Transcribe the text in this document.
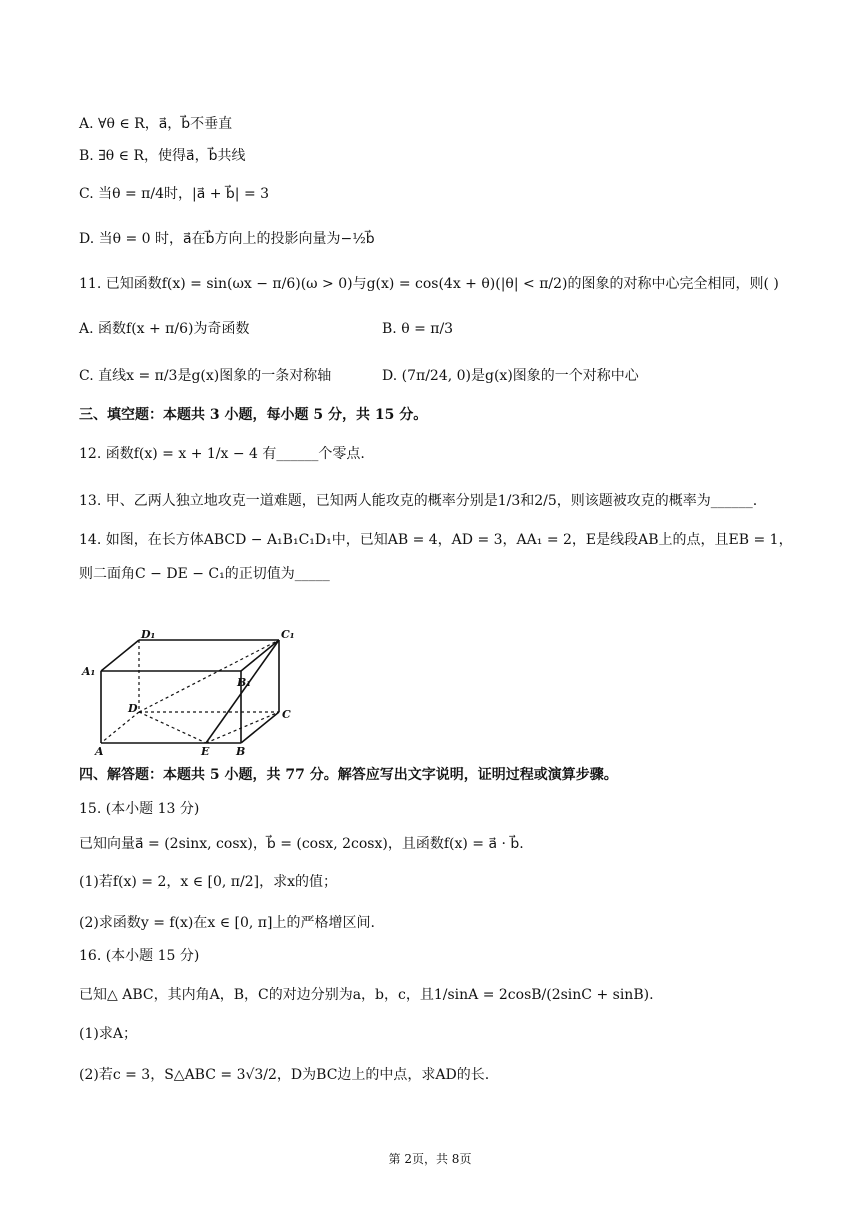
A. ∀θ ∈ R，a⃗，b⃗不垂直
B. ∃θ ∈ R，使得a⃗，b⃗共线
C. 当θ = π/4时，|a⃗ + b⃗| = 3
D. 当θ = 0 时，a⃗在b⃗方向上的投影向量为−½b⃗
11. 已知函数f(x) = sin(ωx − π/6)(ω > 0)与g(x) = cos(4x + θ)(|θ| < π/2)的图象的对称中心完全相同，则( )
A. 函数f(x + π/6)为奇函数	B. θ = π/3
C. 直线x = π/3是g(x)图象的一条对称轴	D. (7π/24, 0)是g(x)图象的一个对称中心
三、填空题：本题共 3 小题，每小题 5 分，共 15 分。
12. 函数f(x) = x + 1/x − 4 有______个零点.
13. 甲、乙两人独立地攻克一道难题，已知两人能攻克的概率分别是1/3和2/5，则该题被攻克的概率为______.
14. 如图，在长方体ABCD − A₁B₁C₁D₁中，已知AB = 4，AD = 3，AA₁ = 2，E是线段AB上的点，且EB = 1，
则二面角C − DE − C₁的正切值为_____
D₁	C₁
A₁
B₁
D	C
A	E B
四、解答题：本题共 5 小题，共 77 分。解答应写出文字说明，证明过程或演算步骤。
15. (本小题 13 分)
已知向量a⃗ = (2sinx, cosx)，b⃗ = (cosx, 2cosx)，且函数f(x) = a⃗ · b⃗.
(1)若f(x) = 2，x ∈ [0, π/2]，求x的值；
(2)求函数y = f(x)在x ∈ [0, π]上的严格增区间.
16. (本小题 15 分)
已知△ ABC，其内角A，B，C的对边分别为a，b，c，且1/sinA = 2cosB/(2sinC + sinB).
(1)求A；
(2)若c = 3，S△ABC = 3√3/2，D为BC边上的中点，求AD的长.
第 2页，共 8页
